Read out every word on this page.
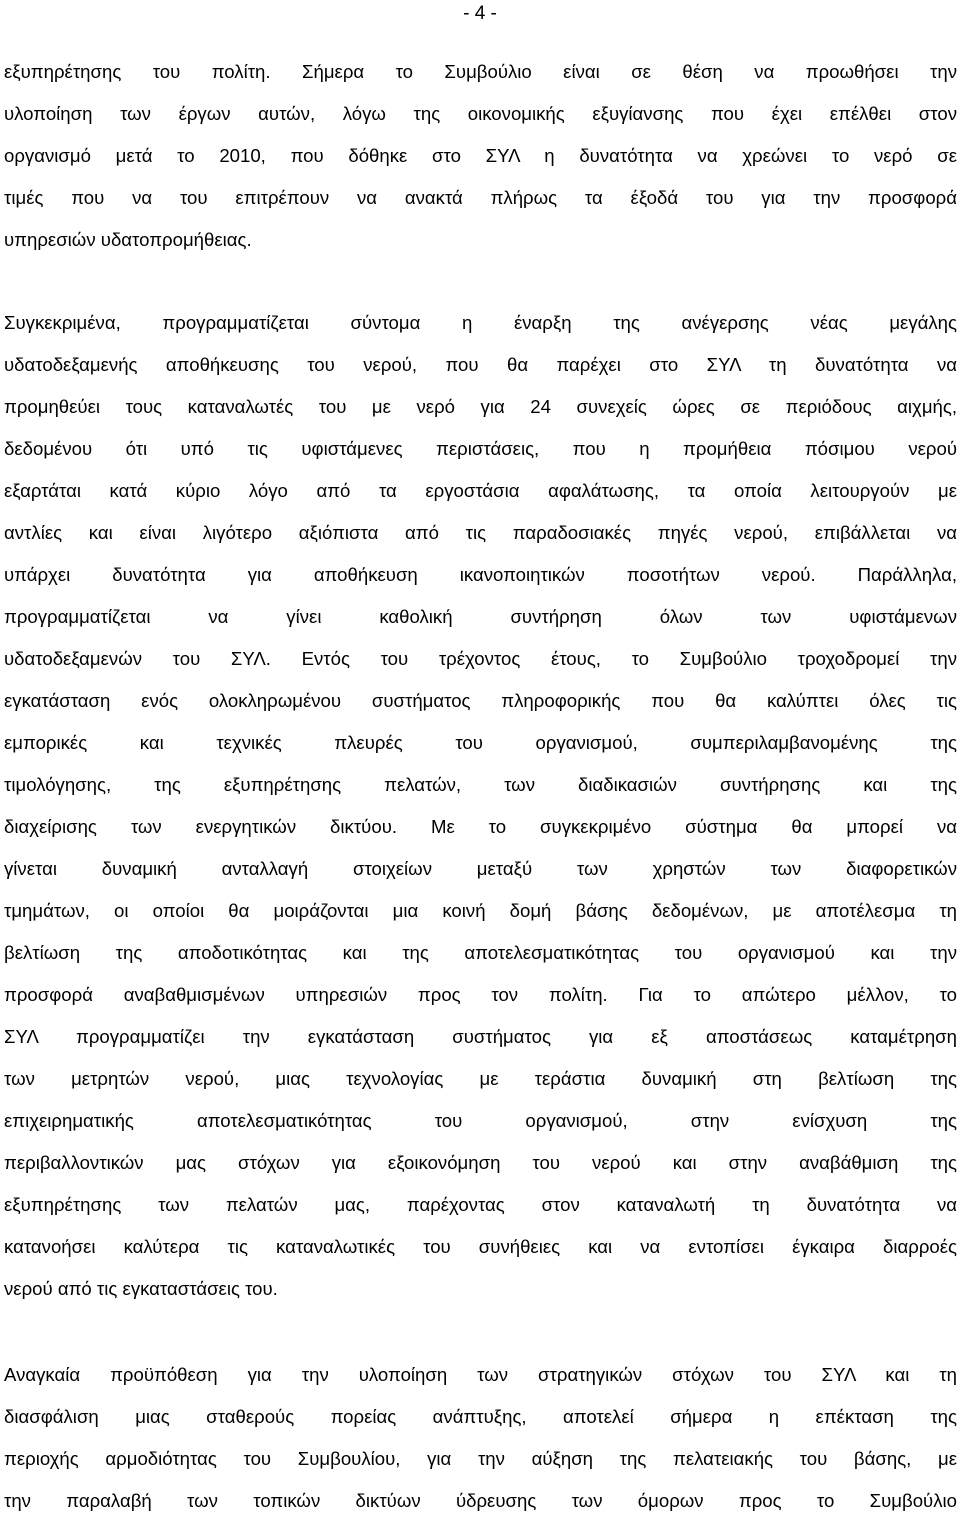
- 4 -
εξυπηρέτησης του πολίτη. Σήμερα το Συμβούλιο είναι σε θέση να προωθήσει την
υλοποίηση των έργων αυτών, λόγω της οικονομικής εξυγίανσης που έχει επέλθει στον
οργανισμό μετά το 2010, που δόθηκε στο ΣΥΛ η δυνατότητα να χρεώνει το νερό σε
τιμές που να του επιτρέπουν να ανακτά πλήρως τα έξοδά του για την προσφορά
υπηρεσιών υδατοπρομήθειας.
Συγκεκριμένα, προγραμματίζεται σύντομα η έναρξη της ανέγερσης νέας μεγάλης
υδατοδεξαμενής αποθήκευσης του νερού, που θα παρέχει στο ΣΥΛ τη δυνατότητα να
προμηθεύει τους καταναλωτές του με νερό για 24 συνεχείς ώρες σε περιόδους αιχμής,
δεδομένου ότι υπό τις υφιστάμενες περιστάσεις, που η προμήθεια πόσιμου νερού
εξαρτάται κατά κύριο λόγο από τα εργοστάσια αφαλάτωσης, τα οποία λειτουργούν με
αντλίες και είναι λιγότερο αξιόπιστα από τις παραδοσιακές πηγές νερού, επιβάλλεται να
υπάρχει δυνατότητα για αποθήκευση ικανοποιητικών ποσοτήτων νερού. Παράλληλα,
προγραμματίζεται να γίνει καθολική συντήρηση όλων των υφιστάμενων
υδατοδεξαμενών του ΣΥΛ. Εντός του τρέχοντος έτους, το Συμβούλιο τροχοδρομεί την
εγκατάσταση ενός ολοκληρωμένου συστήματος πληροφορικής που θα καλύπτει όλες τις
εμπορικές και τεχνικές πλευρές του οργανισμού, συμπεριλαμβανομένης της
τιμολόγησης, της εξυπηρέτησης πελατών, των διαδικασιών συντήρησης και της
διαχείρισης των ενεργητικών δικτύου. Με το συγκεκριμένο σύστημα θα μπορεί να
γίνεται δυναμική ανταλλαγή στοιχείων μεταξύ των χρηστών των διαφορετικών
τμημάτων, οι οποίοι θα μοιράζονται μια κοινή δομή βάσης δεδομένων, με αποτέλεσμα τη
βελτίωση της αποδοτικότητας και της αποτελεσματικότητας του οργανισμού και την
προσφορά αναβαθμισμένων υπηρεσιών προς τον πολίτη. Για το απώτερο μέλλον, το
ΣΥΛ προγραμματίζει την εγκατάσταση συστήματος για εξ αποστάσεως καταμέτρηση
των μετρητών νερού, μιας τεχνολογίας με τεράστια δυναμική στη βελτίωση της
επιχειρηματικής αποτελεσματικότητας του οργανισμού, στην ενίσχυση της
περιβαλλοντικών μας στόχων για εξοικονόμηση του νερού και στην αναβάθμιση της
εξυπηρέτησης των πελατών μας, παρέχοντας στον καταναλωτή τη δυνατότητα να
κατανοήσει καλύτερα τις καταναλωτικές του συνήθειες και να εντοπίσει έγκαιρα διαρροές
νερού από τις εγκαταστάσεις του.
Αναγκαία προϋπόθεση για την υλοποίηση των στρατηγικών στόχων του ΣΥΛ και τη
διασφάλιση μιας σταθερούς πορείας ανάπτυξης, αποτελεί σήμερα η επέκταση της
περιοχής αρμοδιότητας του Συμβουλίου, για την αύξηση της πελατειακής του βάσης, με
την παραλαβή των τοπικών δικτύων ύδρευσης των όμορων προς το Συμβούλιο
